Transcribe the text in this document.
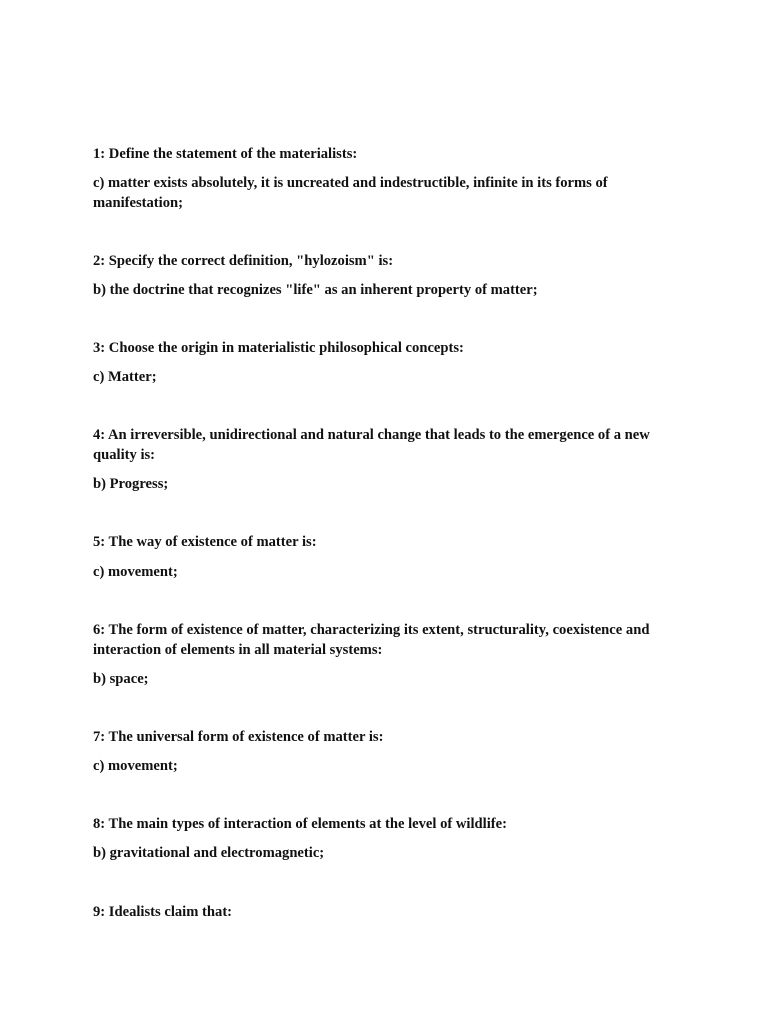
1: Define the statement of the materialists:
c) matter exists absolutely, it is uncreated and indestructible, infinite in its forms of manifestation;
2: Specify the correct definition, "hylozoism" is:
b) the doctrine that recognizes "life" as an inherent property of matter;
3: Choose the origin in materialistic philosophical concepts:
c) Matter;
4: An irreversible, unidirectional and natural change that leads to the emergence of a new quality is:
b) Progress;
5: The way of existence of matter is:
c) movement;
6: The form of existence of matter, characterizing its extent, structurality, coexistence and interaction of elements in all material systems:
b) space;
7: The universal form of existence of matter is:
c) movement;
8: The main types of interaction of elements at the level of wildlife:
b) gravitational and electromagnetic;
9: Idealists claim that:
